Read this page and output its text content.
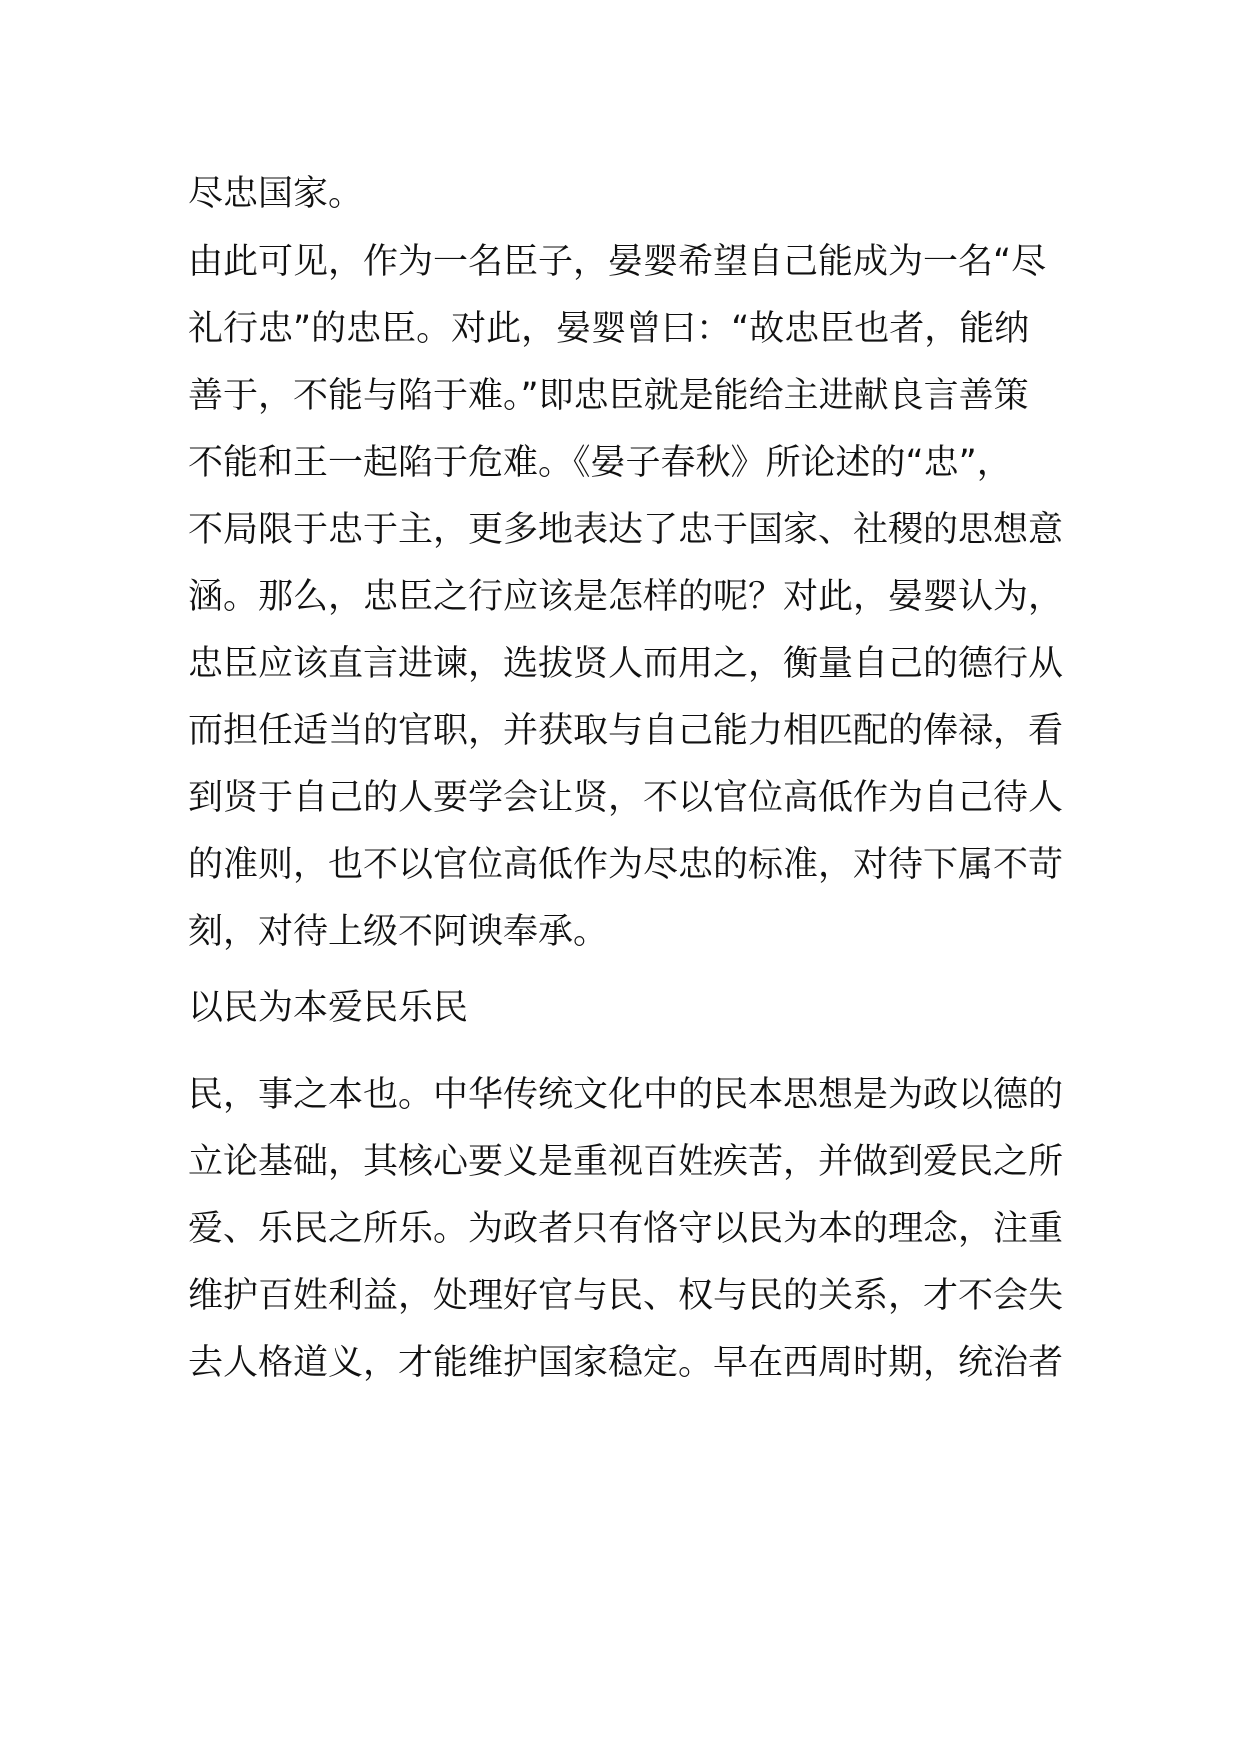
尽忠国家。

由此可见，作为一名臣子，晏婴希望自己能成为一名“尽

礼行忠”的忠臣。对此，晏婴曾曰：“故忠臣也者，能纳

善于，不能与陷于难。”即忠臣就是能给主进献良言善策

不能和王一起陷于危难。《晏子春秋》所论述的“忠”，

不局限于忠于主，更多地表达了忠于国家、社稷的思想意

涵。那么，忠臣之行应该是怎样的呢？对此，晏婴认为，

忠臣应该直言进谏，选拔贤人而用之，衡量自己的德行从

而担任适当的官职，并获取与自己能力相匹配的俸禄，看

到贤于自己的人要学会让贤，不以官位高低作为自己待人

的准则，也不以官位高低作为尽忠的标准，对待下属不苛

刻，对待上级不阿谀奉承。

以民为本爱民乐民

民，事之本也。中华传统文化中的民本思想是为政以德的

立论基础，其核心要义是重视百姓疾苦，并做到爱民之所

爱、乐民之所乐。为政者只有恪守以民为本的理念，注重

维护百姓利益，处理好官与民、权与民的关系，才不会失

去人格道义，才能维护国家稳定。早在西周时期，统治者
